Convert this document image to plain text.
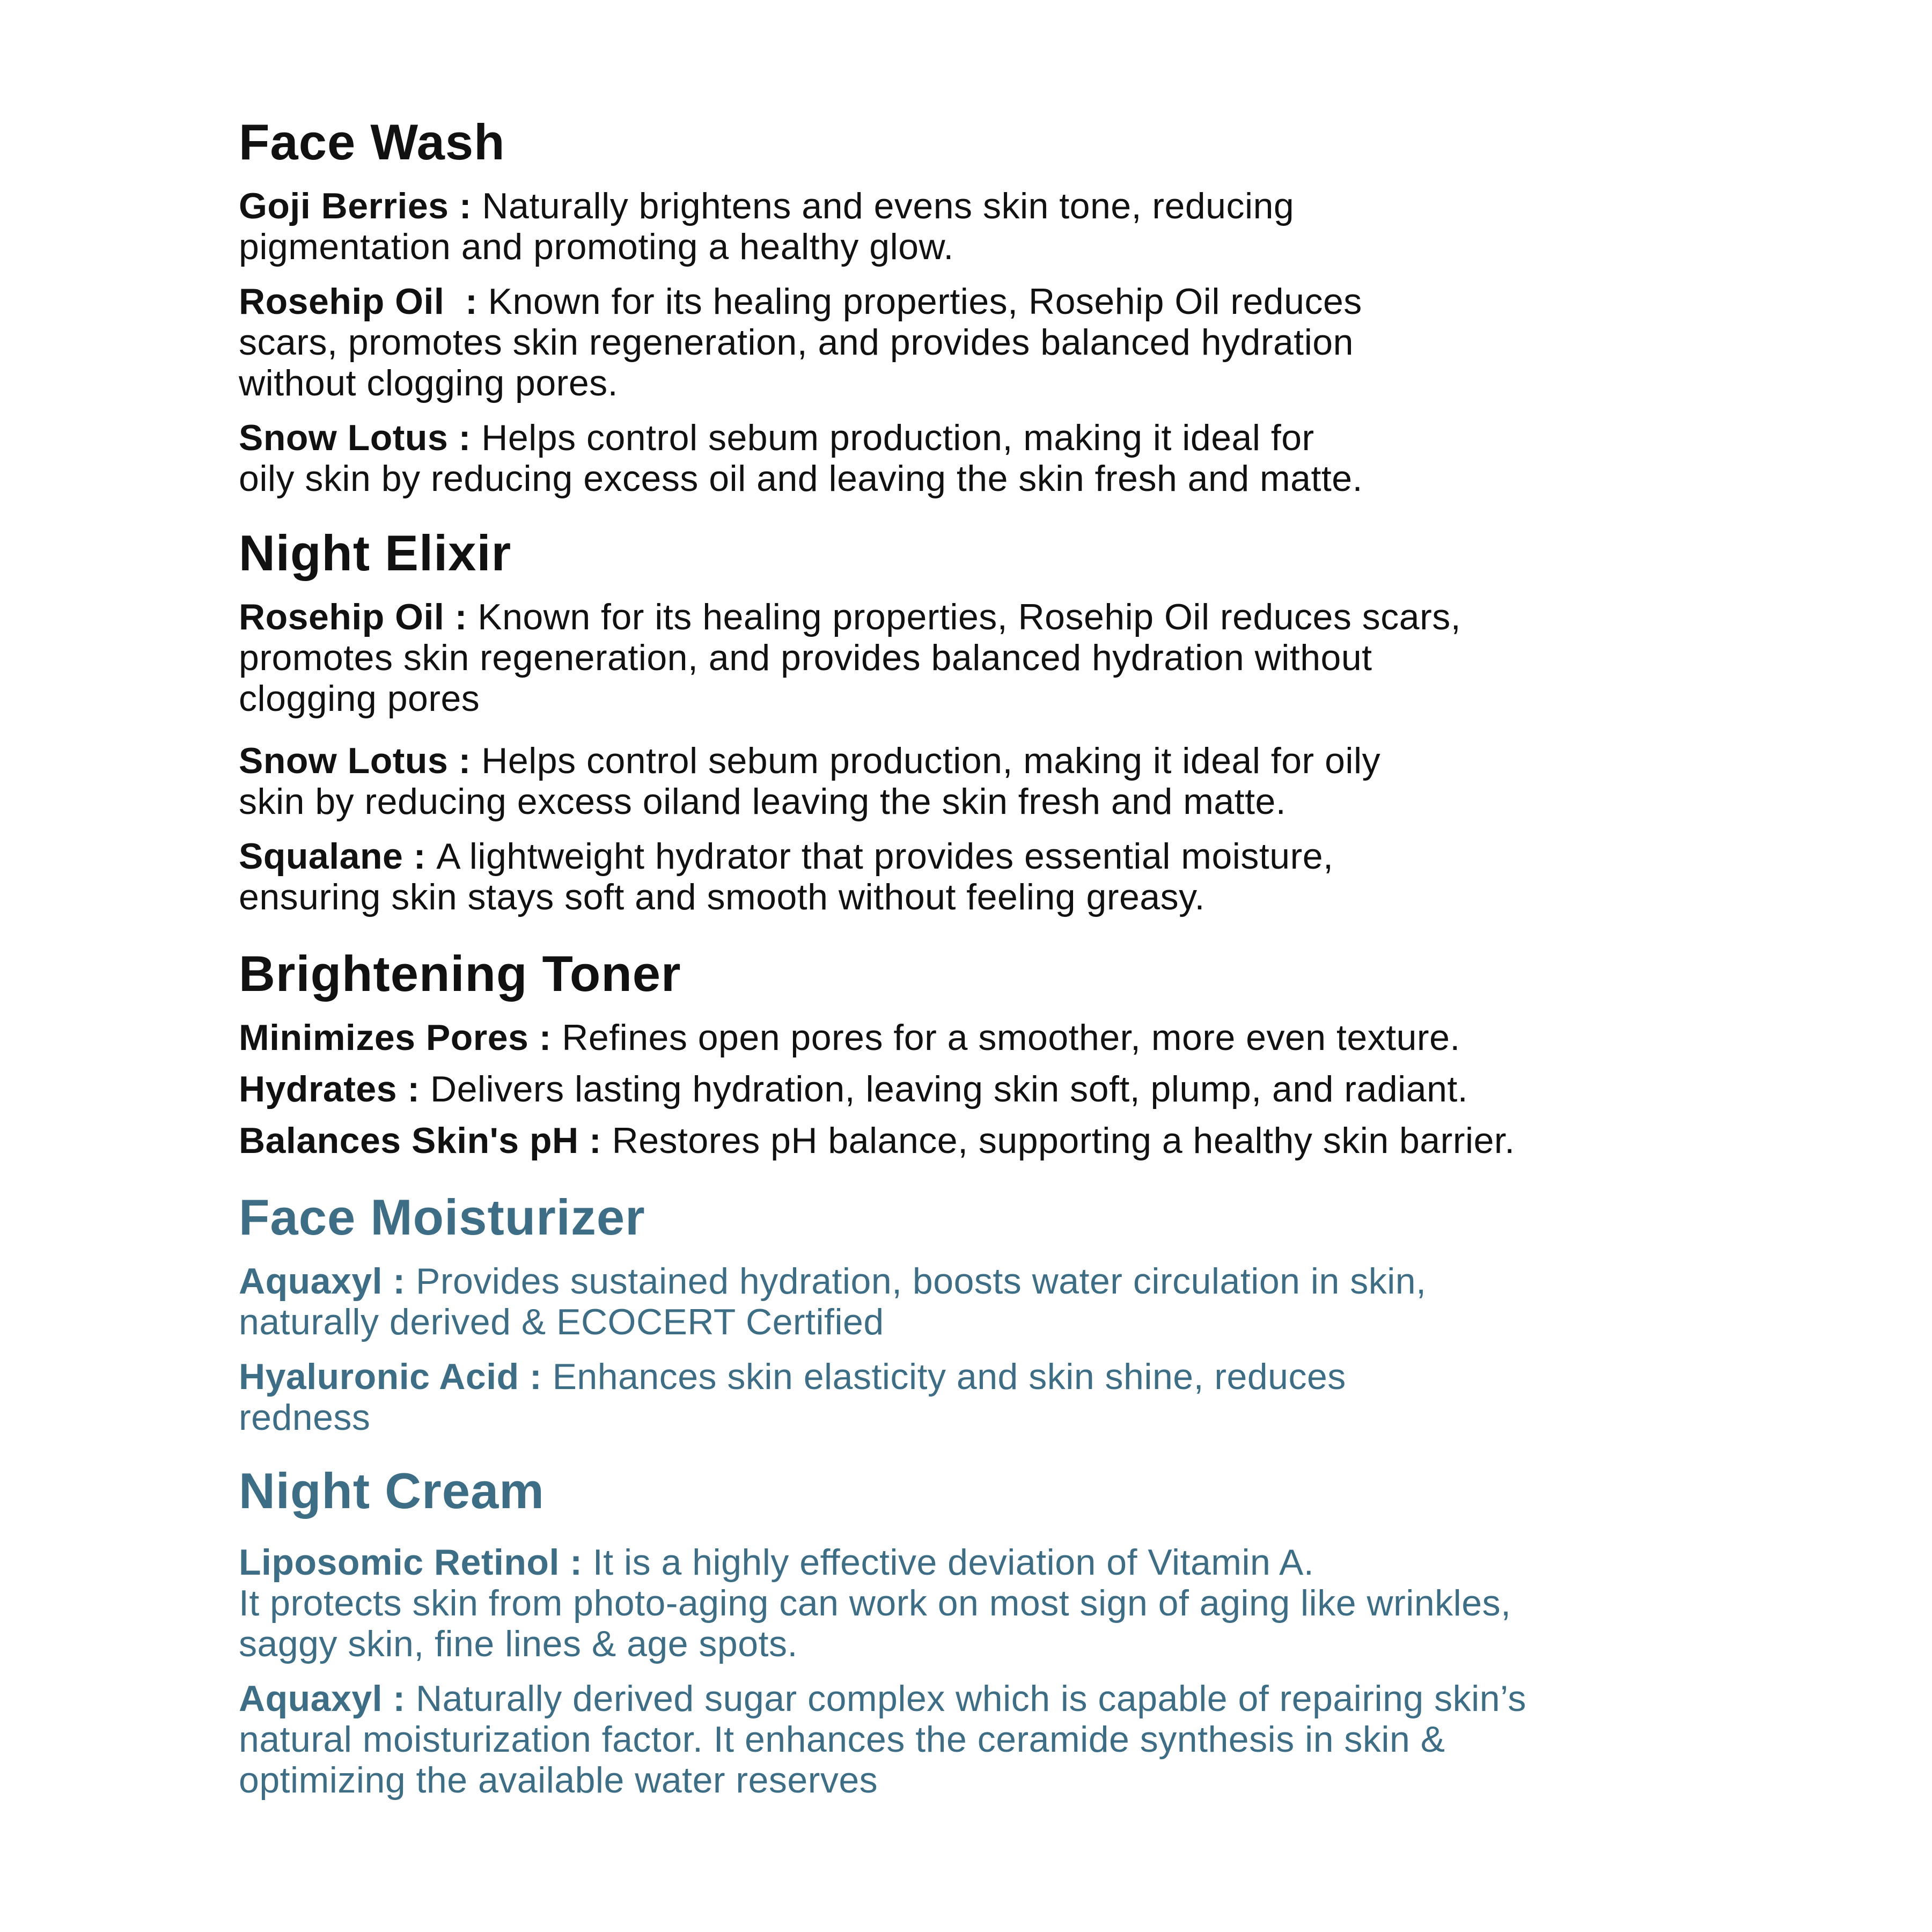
Face Wash
Goji Berries : Naturally brightens and evens skin tone, reducing
pigmentation and promoting a healthy glow.
Rosehip Oil  : Known for its healing properties, Rosehip Oil reduces
scars, promotes skin regeneration, and provides balanced hydration
without clogging pores.
Snow Lotus : Helps control sebum production, making it ideal for
oily skin by reducing excess oil and leaving the skin fresh and matte.
Night Elixir
Rosehip Oil : Known for its healing properties, Rosehip Oil reduces scars,
promotes skin regeneration, and provides balanced hydration without
clogging pores
Snow Lotus : Helps control sebum production, making it ideal for oily
skin by reducing excess oiland leaving the skin fresh and matte.
Squalane : A lightweight hydrator that provides essential moisture,
ensuring skin stays soft and smooth without feeling greasy.
Brightening Toner
Minimizes Pores : Refines open pores for a smoother, more even texture.
Hydrates : Delivers lasting hydration, leaving skin soft, plump, and radiant.
Balances Skin's pH : Restores pH balance, supporting a healthy skin barrier.
Face Moisturizer
Aquaxyl : Provides sustained hydration, boosts water circulation in skin,
naturally derived & ECOCERT Certified
Hyaluronic Acid : Enhances skin elasticity and skin shine, reduces
redness
Night Cream
Liposomic Retinol : It is a highly effective deviation of Vitamin A.
It protects skin from photo-aging can work on most sign of aging like wrinkles,
saggy skin, fine lines & age spots.
Aquaxyl : Naturally derived sugar complex which is capable of repairing skin’s
natural moisturization factor. It enhances the ceramide synthesis in skin &
optimizing the available water reserves
